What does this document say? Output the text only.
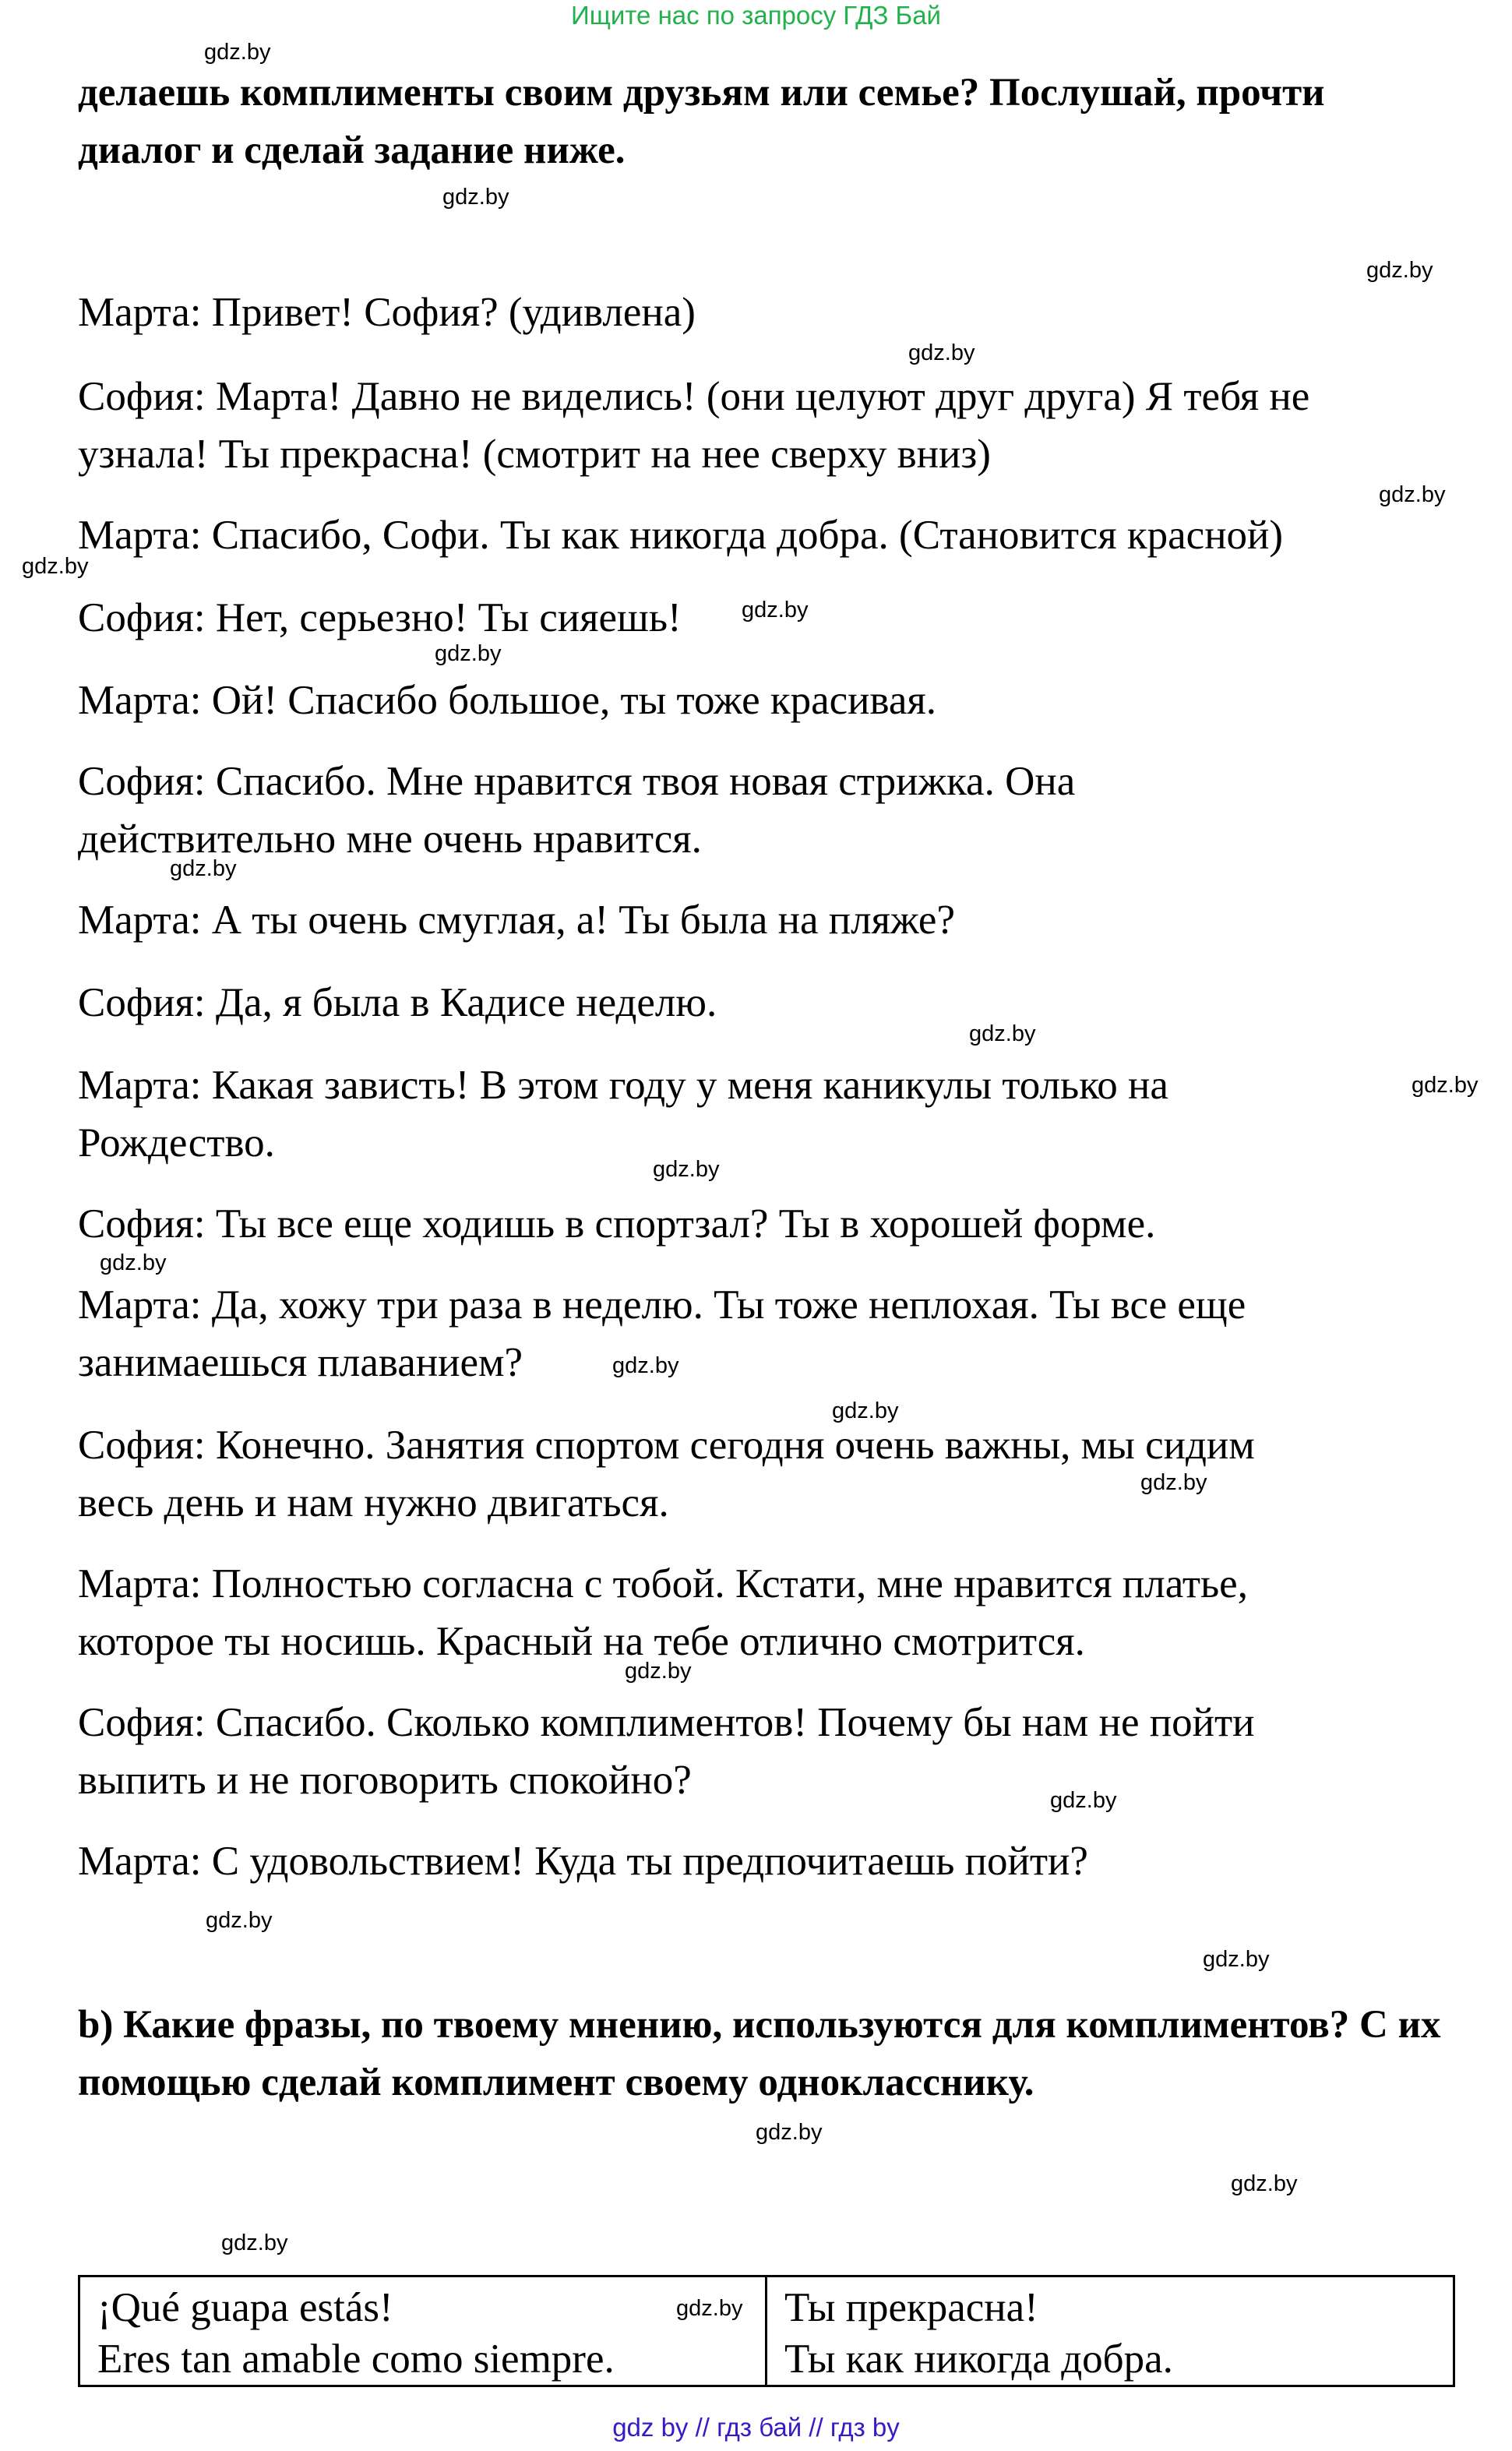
Ищите нас по запросу ГДЗ Бай
gdz.by
gdz.by
gdz.by
gdz.by
gdz.by
gdz.by
gdz.by
gdz.by
gdz.by
gdz.by
gdz.by
gdz.by
gdz.by
gdz.by
gdz.by
gdz.by
gdz.by
gdz.by
gdz.by
gdz.by
gdz.by
gdz.by
gdz.by
gdz.by
делаешь комплименты своим друзьям или семье? Послушай, прочти диалог и сделай задание ниже.
Марта: Привет! София? (удивлена)
София: Марта! Давно не виделись! (они целуют друг друга) Я тебя не
узнала! Ты прекрасна! (смотрит на нее сверху вниз)
Марта: Спасибо, Софи. Ты как никогда добра. (Становится красной)
София: Нет, серьезно! Ты сияешь!
Марта: Ой! Спасибо большое, ты тоже красивая.
София: Спасибо. Мне нравится твоя новая стрижка. Она
действительно мне очень нравится.
Марта: А ты очень смуглая, а! Ты была на пляже?
София: Да, я была в Кадисе неделю.
Марта: Какая зависть! В этом году у меня каникулы только на
Рождество.
София: Ты все еще ходишь в спортзал? Ты в хорошей форме.
Марта: Да, хожу три раза в неделю. Ты тоже неплохая. Ты все еще
занимаешься плаванием?
София: Конечно. Занятия спортом сегодня очень важны, мы сидим
весь день и нам нужно двигаться.
Марта: Полностью согласна с тобой. Кстати, мне нравится платье,
которое ты носишь. Красный на тебе отлично смотрится.
София: Спасибо. Сколько комплиментов! Почему бы нам не пойти
выпить и не поговорить спокойно?
Марта: С удовольствием! Куда ты предпочитаешь пойти?
b) Какие фразы, по твоему мнению, используются для комплиментов? С их помощью сделай комплимент своему однокласснику.
¡Qué guapa estás!
Eres tan amable como siempre.
Ты прекрасна!
Ты как никогда добра.
gdz by // гдз бай // гдз by
